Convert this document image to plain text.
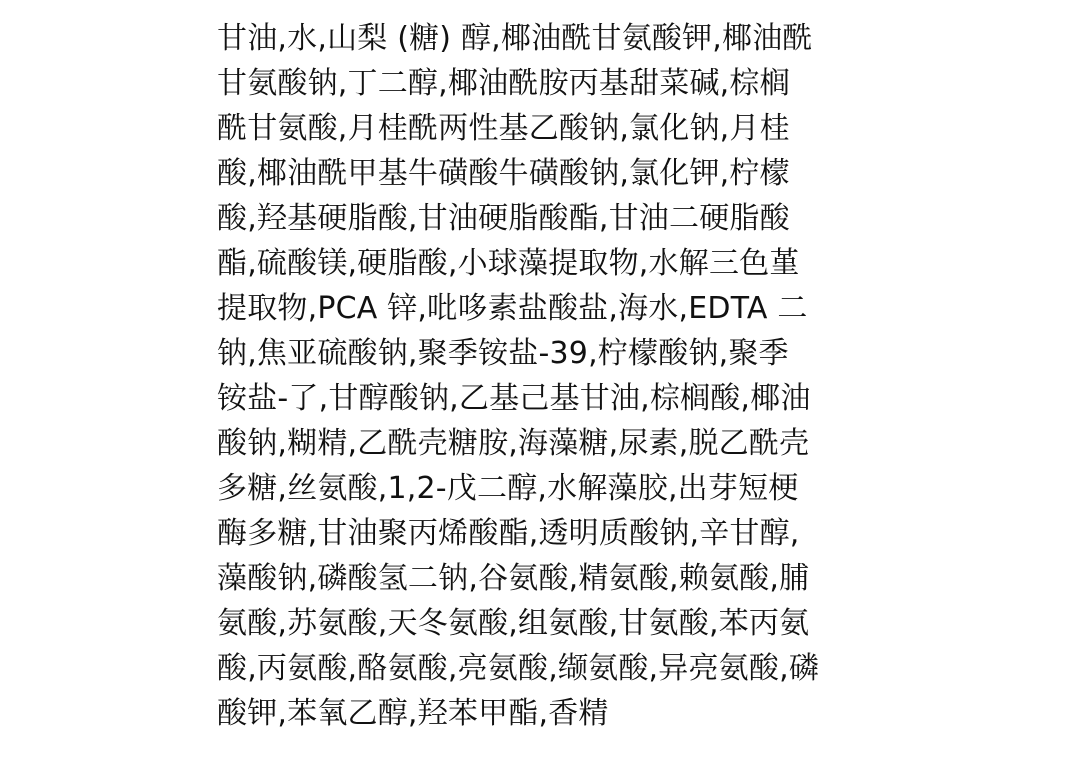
甘油,水,山梨 (糖) 醇,椰油酰甘氨酸钾,椰油酰
甘氨酸钠,丁二醇,椰油酰胺丙基甜菜碱,棕榈
酰甘氨酸,月桂酰两性基乙酸钠,氯化钠,月桂
酸,椰油酰甲基牛磺酸牛磺酸钠,氯化钾,柠檬
酸,羟基硬脂酸,甘油硬脂酸酯,甘油二硬脂酸
酯,硫酸镁,硬脂酸,小球藻提取物,水解三色堇
提取物,PCA 锌,吡哆素盐酸盐,海水,EDTA 二
钠,焦亚硫酸钠,聚季铵盐-39,柠檬酸钠,聚季
铵盐-了,甘醇酸钠,乙基己基甘油,棕榈酸,椰油
酸钠,糊精,乙酰壳糖胺,海藻糖,尿素,脱乙酰壳
多糖,丝氨酸,1,2-戊二醇,水解藻胶,出芽短梗
酶多糖,甘油聚丙烯酸酯,透明质酸钠,辛甘醇,
藻酸钠,磷酸氢二钠,谷氨酸,精氨酸,赖氨酸,脯
氨酸,苏氨酸,天冬氨酸,组氨酸,甘氨酸,苯丙氨
酸,丙氨酸,酪氨酸,亮氨酸,缬氨酸,异亮氨酸,磷
酸钾,苯氧乙醇,羟苯甲酯,香精
